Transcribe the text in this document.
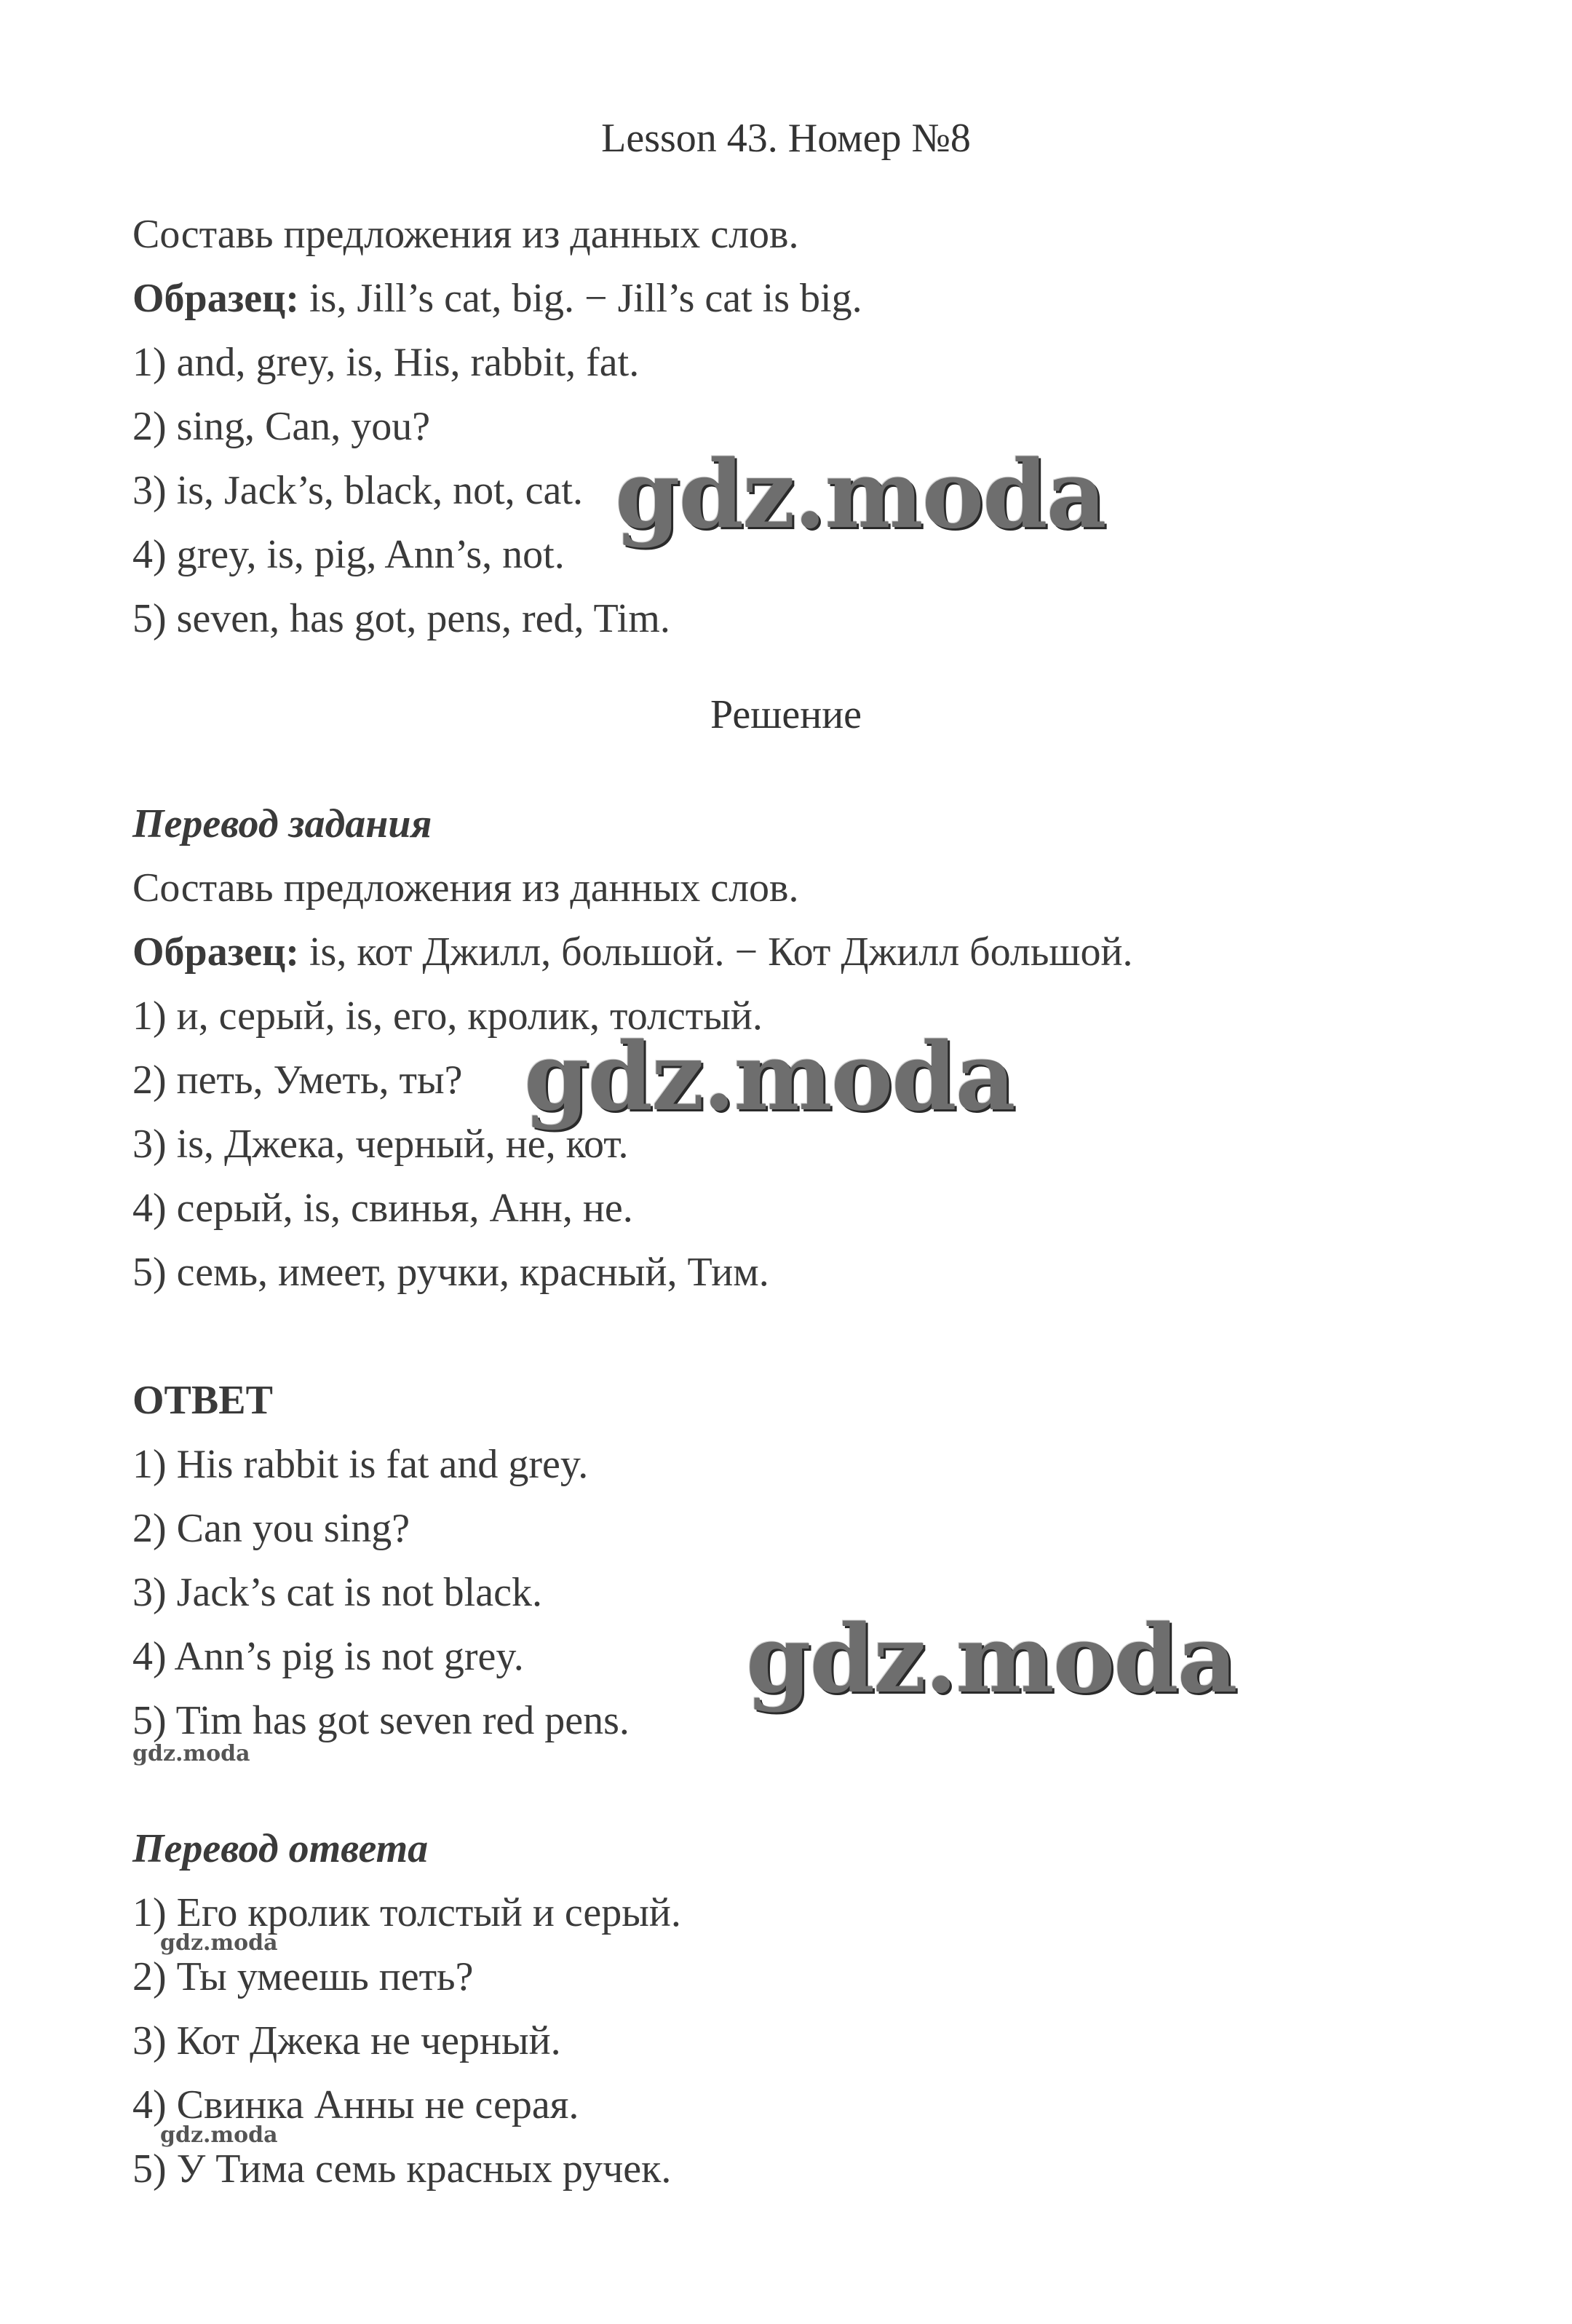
Lesson 43. Номер №8
Составь предложения из данных слов.
Образец: is, Jill’s cat, big. − Jill’s cat is big.
1) and, grey, is, His, rabbit, fat.
2) sing, Can, you?
3) is, Jack’s, black, not, cat.
4) grey, is, pig, Ann’s, not.
5) seven, has got, pens, red, Tim.
Решение
Перевод задания
Составь предложения из данных слов.
Образец: is, кот Джилл, большой. − Кот Джилл большой.
1) и, серый, is, его, кролик, толстый.
2) петь, Уметь, ты?
3) is, Джека, черный, не, кот.
4) серый, is, свинья, Анн, не.
5) семь, имеет, ручки, красный, Тим.
ОТВЕТ
1) His rabbit is fat and grey.
2) Can you sing?
3) Jack’s cat is not black.
4) Ann’s pig is not grey.
5) Tim has got seven red pens.
Перевод ответа
1) Его кролик толстый и серый.
2) Ты умеешь петь?
3) Кот Джека не черный.
4) Свинка Анны не серая.
5) У Тима семь красных ручек.
gdz.moda
gdz.moda
gdz.moda
gdz.moda
gdz.moda
gdz.moda
